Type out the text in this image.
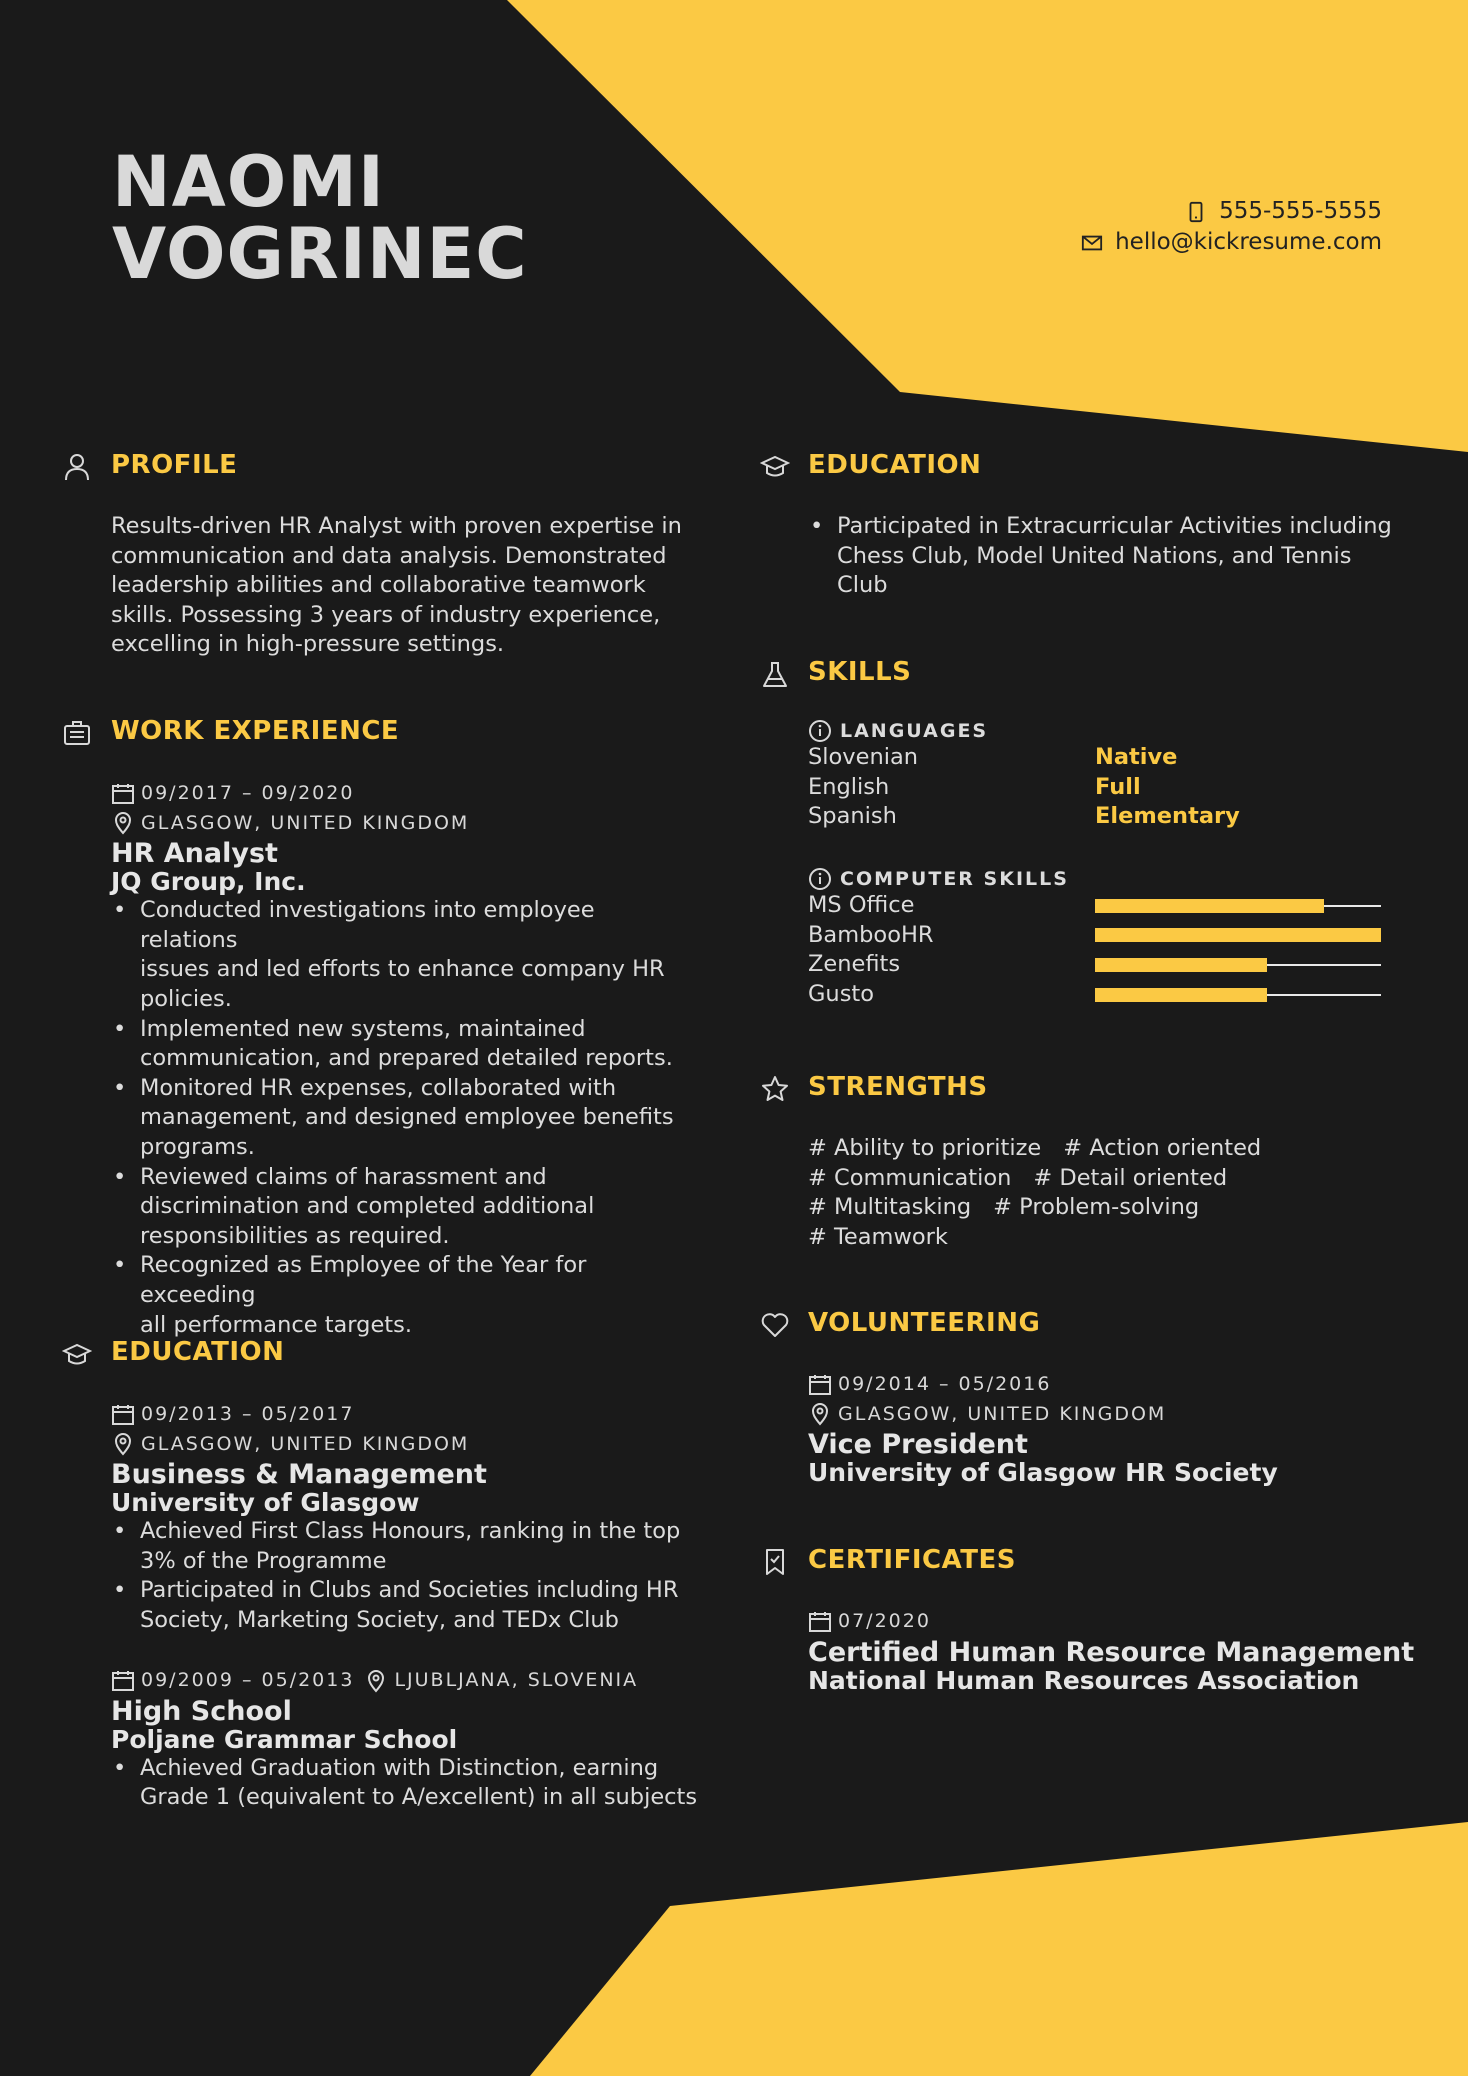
NAOMI
VOGRINEC
555-555-5555
hello@kickresume.com
PROFILE
Results-driven HR Analyst with proven expertise in
communication and data analysis. Demonstrated
leadership abilities and collaborative teamwork
skills. Possessing 3 years of industry experience,
excelling in high-pressure settings.
WORK EXPERIENCE
09/2017 – 09/2020
GLASGOW, UNITED KINGDOM
HR Analyst
JQ Group, Inc.
• Conducted investigations into employee relations
issues and led efforts to enhance company HR
policies.
• Implemented new systems, maintained
communication, and prepared detailed reports.
• Monitored HR expenses, collaborated with
management, and designed employee benefits
programs.
• Reviewed claims of harassment and
discrimination and completed additional
responsibilities as required.
• Recognized as Employee of the Year for exceeding
all performance targets.
EDUCATION
09/2013 – 05/2017
GLASGOW, UNITED KINGDOM
Business & Management
University of Glasgow
• Achieved First Class Honours, ranking in the top
3% of the Programme
• Participated in Clubs and Societies including HR
Society, Marketing Society, and TEDx Club
09/2009 – 05/2013 LJUBLJANA, SLOVENIA
High School
Poljane Grammar School
• Achieved Graduation with Distinction, earning
Grade 1 (equivalent to A/excellent) in all subjects
EDUCATION
• Participated in Extracurricular Activities including
Chess Club, Model United Nations, and Tennis
Club
SKILLS
LANGUAGES
Slovenian	Native
English	Full
Spanish	Elementary
COMPUTER SKILLS
MS Office
BambooHR
Zenefits
Gusto
STRENGTHS
# Ability to prioritize # Action oriented
# Communication # Detail oriented
# Multitasking # Problem-solving
# Teamwork
VOLUNTEERING
09/2014 – 05/2016
GLASGOW, UNITED KINGDOM
Vice President
University of Glasgow HR Society
CERTIFICATES
07/2020
Certified Human Resource Management
National Human Resources Association
